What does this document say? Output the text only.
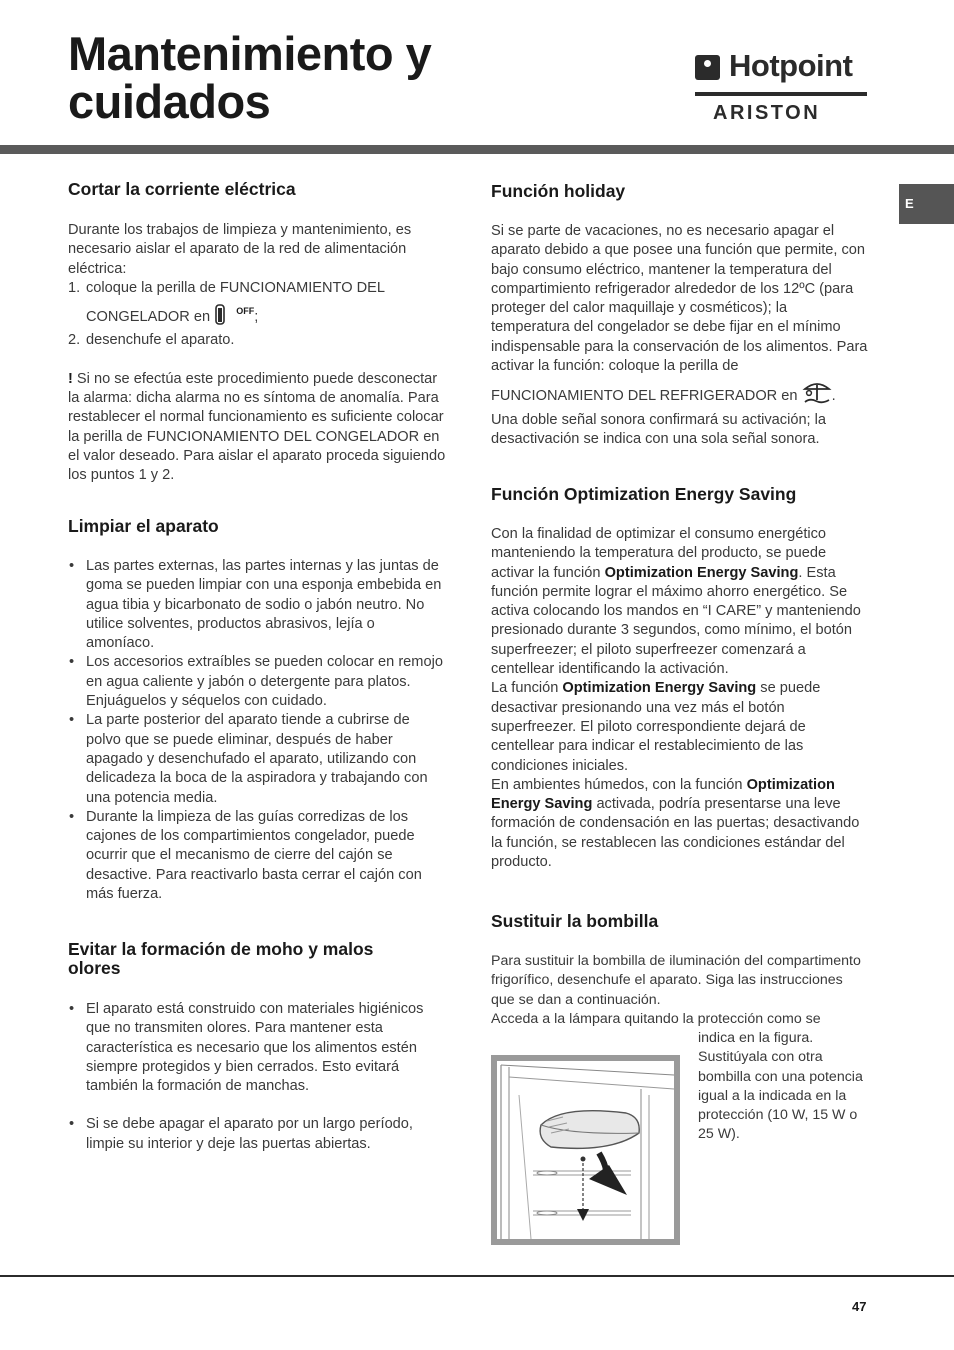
Mantenimiento y
cuidados
Hotpoint
ARISTON
E
Cortar la corriente eléctrica

Durante los trabajos de limpieza y mantenimiento, es necesario aislar el aparato de la red de alimentación eléctrica:

1. coloque la perilla de FUNCIONAMIENTO DEL

CONGELADOR en	$^{OFF}$;

2. desenchufe el aparato.

! Si no se efectúa este procedimiento puede desconectar la alarma: dicha alarma no es síntoma de anomalía. Para restablecer el normal funcionamiento es suficiente colocar la perilla de FUNCIONAMIENTO DEL CONGELADOR en el valor deseado. Para aislar el aparato proceda siguiendo los puntos 1 y 2.

Limpiar el aparato
• Las partes externas, las partes internas y las juntas de goma se pueden limpiar con una esponja embebida en agua tibia y bicarbonato de sodio o jabón neutro. No utilice solventes, productos abrasivos, lejía o amoníaco.
• Los accesorios extraíbles se pueden colocar en remojo en agua caliente y jabón o detergente para platos. Enjuáguelos y séquelos con cuidado.
• La parte posterior del aparato tiende a cubrirse de polvo que se puede eliminar, después de haber apagado y desenchufado el aparato, utilizando con delicadeza la boca de la aspiradora y trabajando con una potencia media.
• Durante la limpieza de las guías corredizas de los cajones de los compartimientos congelador, puede ocurrir que el mecanismo de cierre del cajón se desactive. Para reactivarlo basta cerrar el cajón con más fuerza.
Evitar la formación de moho y malos olores
• El aparato está construido con materiales higiénicos que no transmiten olores. Para mantener esta característica es necesario que los alimentos estén siempre protegidos y bien cerrados. Esto evitará también la formación de manchas.
• Si se debe apagar el aparato por un largo período, limpie su interior y deje las puertas abiertas.
Función holiday

Si se parte de vacaciones, no es necesario apagar el aparato debido a que posee una función que permite, con bajo consumo eléctrico, mantener la temperatura del compartimiento refrigerador alrededor de los 12ºC (para proteger del calor maquillaje y cosméticos); la temperatura del congelador se debe fijar en el mínimo indispensable para la conservación de los alimentos. Para activar la función: coloque la perilla de

FUNCIONAMIENTO DEL REFRIGERADOR en .

Una doble señal sonora confirmará su activación; la desactivación se indica con una sola señal sonora.

Función Optimization Energy Saving

Con la finalidad de optimizar el consumo energético manteniendo la temperatura del producto, se puede activar la función Optimization Energy Saving. Esta función permite lograr el máximo ahorro energético. Se activa colocando los mandos en “I CARE” y manteniendo presionado durante 3 segundos, como mínimo, el botón superfreezer; el piloto superfreezer comenzará a centellear identificando la activación.

La función Optimization Energy Saving se puede desactivar presionando una vez más el botón superfreezer. El piloto correspondiente dejará de centellear para indicar el restablecimiento de las condiciones iniciales.

En ambientes húmedos, con la función Optimization Energy Saving activada, podría presentarse una leve formación de condensación en las puertas; desactivando la función, se restablecen las condiciones estándar del producto.

Sustituir la bombilla

Para sustituir la bombilla de iluminación del compartimento frigorífico, desenchufe el aparato. Siga las instrucciones que se dan a continuación.

Acceda a la lámpara quitando la protección como se

indica en la figura. Sustitúyala con otra bombilla con una potencia igual a la indicada en la protección (10 W, 15 W o 25 W).

47
